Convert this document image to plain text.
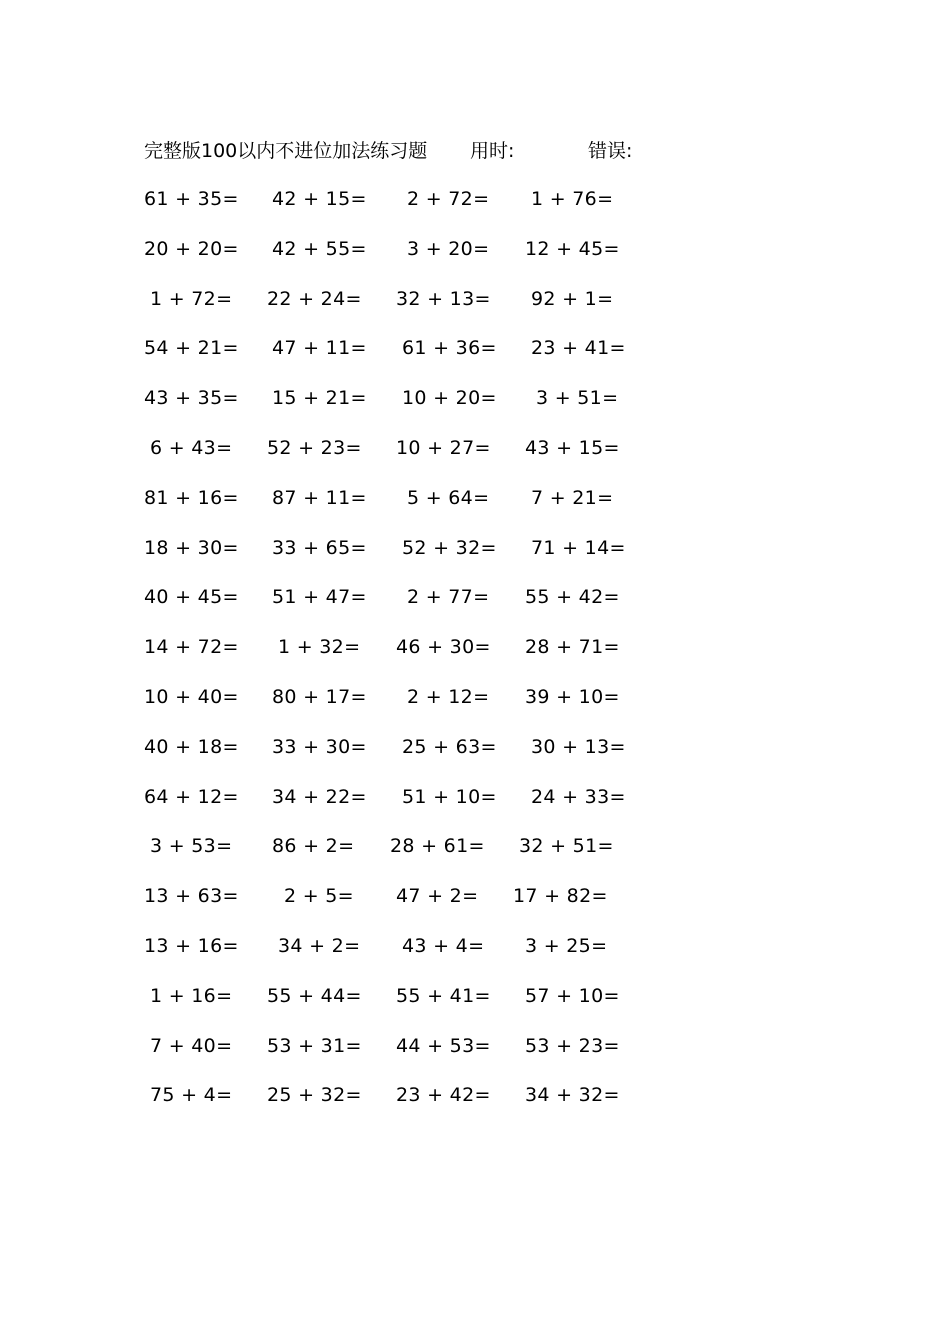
完整版100以内不进位加法练习题 用时:	错误:
61 + 35= 42 + 15= 2 + 72= 1 + 76=
20 + 20= 42 + 55= 3 + 20= 12 + 45=
1 + 72= 22 + 24= 32 + 13= 92 + 1=
54 + 21= 47 + 11= 61 + 36= 23 + 41=
43 + 35= 15 + 21= 10 + 20= 3 + 51=
6 + 43= 52 + 23= 10 + 27= 43 + 15=
81 + 16= 87 + 11= 5 + 64= 7 + 21=
18 + 30= 33 + 65= 52 + 32= 71 + 14=
40 + 45= 51 + 47= 2 + 77= 55 + 42=
14 + 72= 1 + 32= 46 + 30= 28 + 71=
10 + 40= 80 + 17= 2 + 12= 39 + 10=
40 + 18= 33 + 30= 25 + 63= 30 + 13=
64 + 12= 34 + 22= 51 + 10= 24 + 33=
3 + 53= 86 + 2= 28 + 61= 32 + 51=
13 + 63= 2 + 5= 47 + 2= 17 + 82=
13 + 16= 34 + 2= 43 + 4= 3 + 25=
1 + 16= 55 + 44= 55 + 41= 57 + 10=
7 + 40= 53 + 31= 44 + 53= 53 + 23=
75 + 4= 25 + 32= 23 + 42= 34 + 32=
